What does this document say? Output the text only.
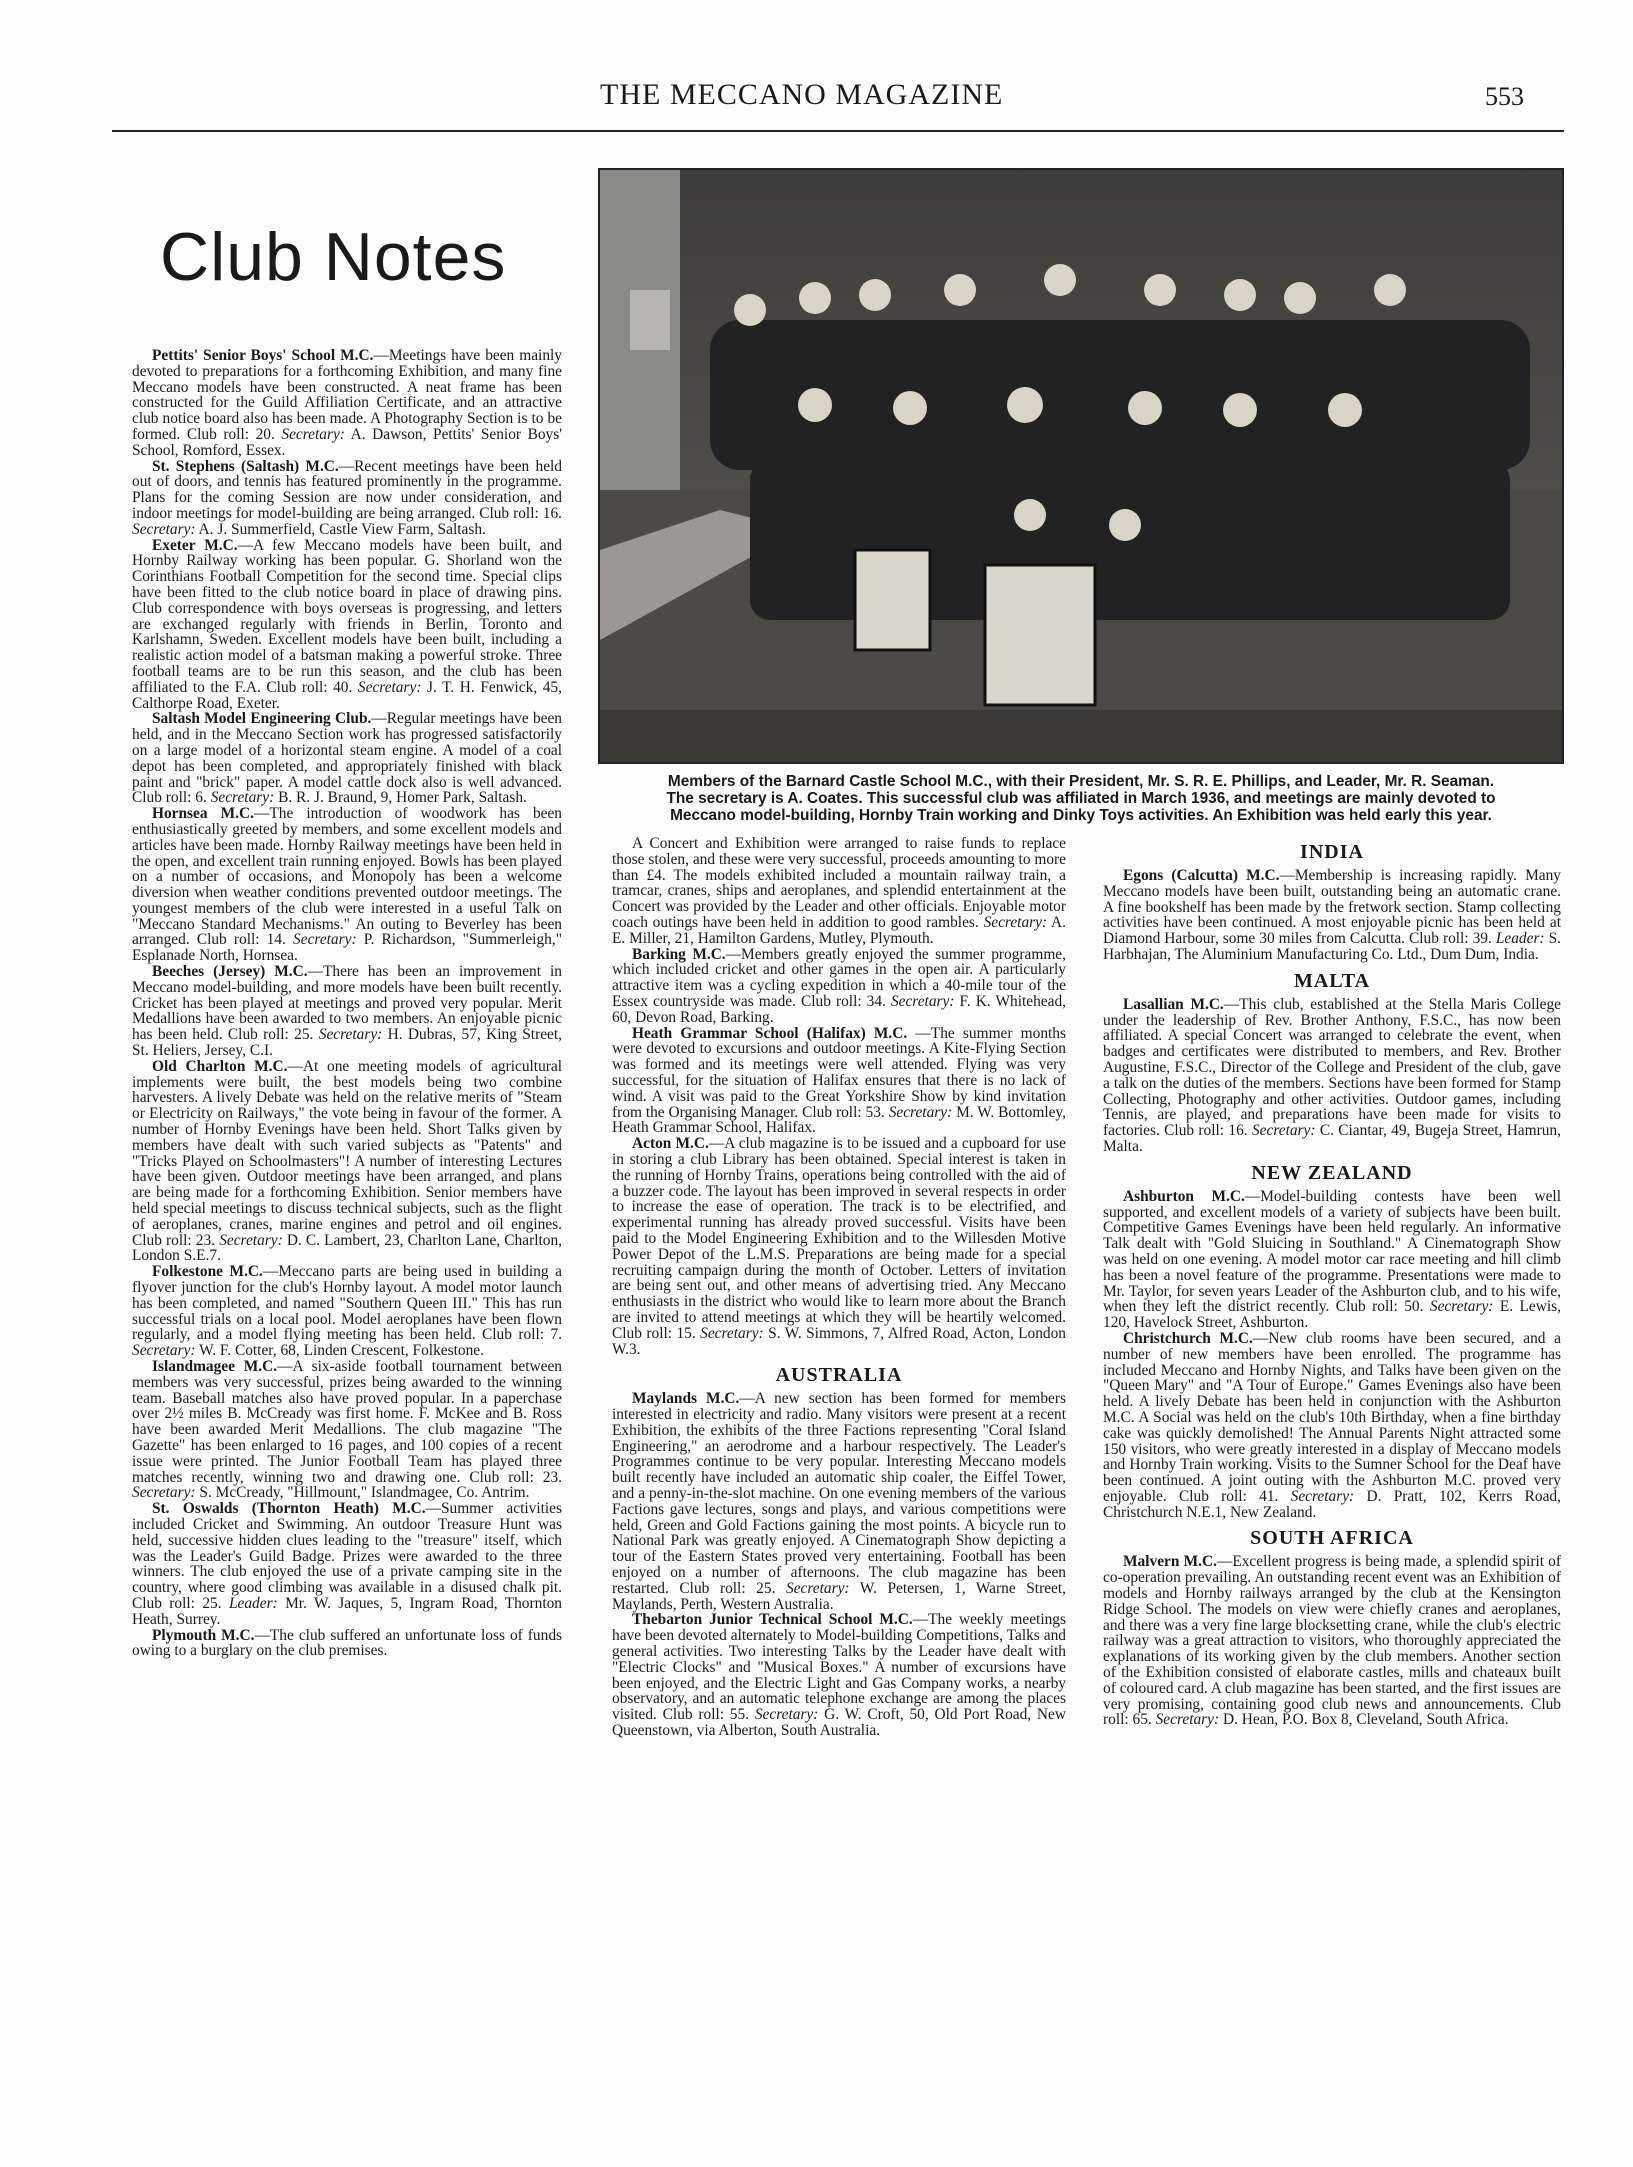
THE MECCANO MAGAZINE	553
Club Notes
Members of the Barnard Castle School M.C., with their President, Mr. S. R. E. Phillips, and Leader, Mr. R. Seaman.
The secretary is A. Coates. This successful club was affiliated in March 1936, and meetings are mainly devoted to
Meccano model-building, Hornby Train working and Dinky Toys activities. An Exhibition was held early this year.

Pettits' Senior Boys' School M.C.—Meetings have been mainly devoted to preparations for a forthcoming Exhibition, and many fine Meccano models have been constructed. A neat frame has been constructed for the Guild Affiliation Certificate, and an attractive club notice board also has been made. A Photography Section is to be formed. Club roll: 20. Secretary: A. Dawson, Pettits' Senior Boys' School, Romford, Essex.

St. Stephens (Saltash) M.C.—Recent meetings have been held out of doors, and tennis has featured prominently in the programme. Plans for the coming Session are now under consideration, and indoor meetings for model-building are being arranged. Club roll: 16. Secretary: A. J. Summerfield, Castle View Farm, Saltash.

Exeter M.C.—A few Meccano models have been built, and Hornby Railway working has been popular. G. Shorland won the Corinthians Football Competition for the second time. Special clips have been fitted to the club notice board in place of drawing pins. Club correspondence with boys overseas is progressing, and letters are exchanged regularly with friends in Berlin, Toronto and Karlshamn, Sweden. Excellent models have been built, including a realistic action model of a batsman making a powerful stroke. Three football teams are to be run this season, and the club has been affiliated to the F.A. Club roll: 40. Secretary: J. T. H. Fenwick, 45, Calthorpe Road, Exeter.

Saltash Model Engineering Club.—Regular meetings have been held, and in the Meccano Section work has progressed satisfactorily on a large model of a horizontal steam engine. A model of a coal depot has been completed, and appropriately finished with black paint and "brick" paper. A model cattle dock also is well advanced. Club roll: 6. Secretary: B. R. J. Braund, 9, Homer Park, Saltash.

Hornsea M.C.—The introduction of woodwork has been enthusiastically greeted by members, and some excellent models and articles have been made. Hornby Railway meetings have been held in the open, and excellent train running enjoyed. Bowls has been played on a number of occasions, and Monopoly has been a welcome diversion when weather conditions prevented outdoor meetings. The youngest members of the club were interested in a useful Talk on "Meccano Standard Mechanisms." An outing to Beverley has been arranged. Club roll: 14. Secretary: P. Richardson, "Summerleigh," Esplanade North, Hornsea.

Beeches (Jersey) M.C.—There has been an improvement in Meccano model-building, and more models have been built recently. Cricket has been played at meetings and proved very popular. Merit Medallions have been awarded to two members. An enjoyable picnic has been held. Club roll: 25. Secretary: H. Dubras, 57, King Street, St. Heliers, Jersey, C.I.

Old Charlton M.C.—At one meeting models of agricultural implements were built, the best models being two combine harvesters. A lively Debate was held on the relative merits of "Steam or Electricity on Railways," the vote being in favour of the former. A number of Hornby Evenings have been held. Short Talks given by members have dealt with such varied subjects as "Patents" and "Tricks Played on Schoolmasters"! A number of interesting Lectures have been given. Outdoor meetings have been arranged, and plans are being made for a forthcoming Exhibition. Senior members have held special meetings to discuss technical subjects, such as the flight of aeroplanes, cranes, marine engines and petrol and oil engines. Club roll: 23. Secretary: D. C. Lambert, 23, Charlton Lane, Charlton, London S.E.7.

Folkestone M.C.—Meccano parts are being used in building a flyover junction for the club's Hornby layout. A model motor launch has been completed, and named "Southern Queen III." This has run successful trials on a local pool. Model aeroplanes have been flown regularly, and a model flying meeting has been held. Club roll: 7. Secretary: W. F. Cotter, 68, Linden Crescent, Folkestone.

Islandmagee M.C.—A six-aside football tournament between members was very successful, prizes being awarded to the winning team. Baseball matches also have proved popular. In a paperchase over 2½ miles B. McCready was first home. F. McKee and B. Ross have been awarded Merit Medallions. The club magazine "The Gazette" has been enlarged to 16 pages, and 100 copies of a recent issue were printed. The Junior Football Team has played three matches recently, winning two and drawing one. Club roll: 23. Secretary: S. McCready, "Hillmount," Islandmagee, Co. Antrim.

St. Oswalds (Thornton Heath) M.C.—Summer activities included Cricket and Swimming. An outdoor Treasure Hunt was held, successive hidden clues leading to the "treasure" itself, which was the Leader's Guild Badge. Prizes were awarded to the three winners. The club enjoyed the use of a private camping site in the country, where good climbing was available in a disused chalk pit. Club roll: 25. Leader: Mr. W. Jaques, 5, Ingram Road, Thornton Heath, Surrey.

Plymouth M.C.—The club suffered an unfortunate loss of funds owing to a burglary on the club premises.

A Concert and Exhibition were arranged to raise funds to replace those stolen, and these were very successful, proceeds amounting to more than £4. The models exhibited included a mountain railway train, a tramcar, cranes, ships and aeroplanes, and splendid entertainment at the Concert was provided by the Leader and other officials. Enjoyable motor coach outings have been held in addition to good rambles. Secretary: A. E. Miller, 21, Hamilton Gardens, Mutley, Plymouth.

Barking M.C.—Members greatly enjoyed the summer programme, which included cricket and other games in the open air. A particularly attractive item was a cycling expedition in which a 40-mile tour of the Essex countryside was made. Club roll: 34. Secretary: F. K. Whitehead, 60, Devon Road, Barking.

Heath Grammar School (Halifax) M.C. —The summer months were devoted to excursions and outdoor meetings. A Kite-Flying Section was formed and its meetings were well attended. Flying was very successful, for the situation of Halifax ensures that there is no lack of wind. A visit was paid to the Great Yorkshire Show by kind invitation from the Organising Manager. Club roll: 53. Secretary: M. W. Bottomley, Heath Grammar School, Halifax.

Acton M.C.—A club magazine is to be issued and a cupboard for use in storing a club Library has been obtained. Special interest is taken in the running of Hornby Trains, operations being controlled with the aid of a buzzer code. The layout has been improved in several respects in order to increase the ease of operation. The track is to be electrified, and experimental running has already proved successful. Visits have been paid to the Model Engineering Exhibition and to the Willesden Motive Power Depot of the L.M.S. Preparations are being made for a special recruiting campaign during the month of October. Letters of invitation are being sent out, and other means of advertising tried. Any Meccano enthusiasts in the district who would like to learn more about the Branch are invited to attend meetings at which they will be heartily welcomed. Club roll: 15. Secretary: S. W. Simmons, 7, Alfred Road, Acton, London W.3.

AUSTRALIA

Maylands M.C.—A new section has been formed for members interested in electricity and radio. Many visitors were present at a recent Exhibition, the exhibits of the three Factions representing "Coral Island Engineering," an aerodrome and a harbour respectively. The Leader's Programmes continue to be very popular. Interesting Meccano models built recently have included an automatic ship coaler, the Eiffel Tower, and a penny-in-the-slot machine. On one evening members of the various Factions gave lectures, songs and plays, and various competitions were held, Green and Gold Factions gaining the most points. A bicycle run to National Park was greatly enjoyed. A Cinematograph Show depicting a tour of the Eastern States proved very entertaining. Football has been enjoyed on a number of afternoons. The club magazine has been restarted. Club roll: 25. Secretary: W. Petersen, 1, Warne Street, Maylands, Perth, Western Australia.

Thebarton Junior Technical School M.C.—The weekly meetings have been devoted alternately to Model-building Competitions, Talks and general activities. Two interesting Talks by the Leader have dealt with "Electric Clocks" and "Musical Boxes." A number of excursions have been enjoyed, and the Electric Light and Gas Company works, a nearby observatory, and an automatic telephone exchange are among the places visited. Club roll: 55. Secretary: G. W. Croft, 50, Old Port Road, New Queenstown, via Alberton, South Australia.

INDIA

Egons (Calcutta) M.C.—Membership is increasing rapidly. Many Meccano models have been built, outstanding being an automatic crane. A fine bookshelf has been made by the fretwork section. Stamp collecting activities have been continued. A most enjoyable picnic has been held at Diamond Harbour, some 30 miles from Calcutta. Club roll: 39. Leader: S. Harbhajan, The Aluminium Manufacturing Co. Ltd., Dum Dum, India.

MALTA

Lasallian M.C.—This club, established at the Stella Maris College under the leadership of Rev. Brother Anthony, F.S.C., has now been affiliated. A special Concert was arranged to celebrate the event, when badges and certificates were distributed to members, and Rev. Brother Augustine, F.S.C., Director of the College and President of the club, gave a talk on the duties of the members. Sections have been formed for Stamp Collecting, Photography and other activities. Outdoor games, including Tennis, are played, and preparations have been made for visits to factories. Club roll: 16. Secretary: C. Ciantar, 49, Bugeja Street, Hamrun, Malta.

NEW ZEALAND

Ashburton M.C.—Model-building contests have been well supported, and excellent models of a variety of subjects have been built. Competitive Games Evenings have been held regularly. An informative Talk dealt with "Gold Sluicing in Southland." A Cinematograph Show was held on one evening. A model motor car race meeting and hill climb has been a novel feature of the programme. Presentations were made to Mr. Taylor, for seven years Leader of the Ashburton club, and to his wife, when they left the district recently. Club roll: 50. Secretary: E. Lewis, 120, Havelock Street, Ashburton.

Christchurch M.C.—New club rooms have been secured, and a number of new members have been enrolled. The programme has included Meccano and Hornby Nights, and Talks have been given on the "Queen Mary" and "A Tour of Europe." Games Evenings also have been held. A lively Debate has been held in conjunction with the Ashburton M.C. A Social was held on the club's 10th Birthday, when a fine birthday cake was quickly demolished! The Annual Parents Night attracted some 150 visitors, who were greatly interested in a display of Meccano models and Hornby Train working. Visits to the Sumner School for the Deaf have been continued. A joint outing with the Ashburton M.C. proved very enjoyable. Club roll: 41. Secretary: D. Pratt, 102, Kerrs Road, Christchurch N.E.1, New Zealand.

SOUTH AFRICA

Malvern M.C.—Excellent progress is being made, a splendid spirit of co-operation prevailing. An outstanding recent event was an Exhibition of models and Hornby railways arranged by the club at the Kensington Ridge School. The models on view were chiefly cranes and aeroplanes, and there was a very fine large blocksetting crane, while the club's electric railway was a great attraction to visitors, who thoroughly appreciated the explanations of its working given by the club members. Another section of the Exhibition consisted of elaborate castles, mills and chateaux built of coloured card. A club magazine has been started, and the first issues are very promising, containing good club news and announcements. Club roll: 65. Secretary: D. Hean, P.O. Box 8, Cleveland, South Africa.
